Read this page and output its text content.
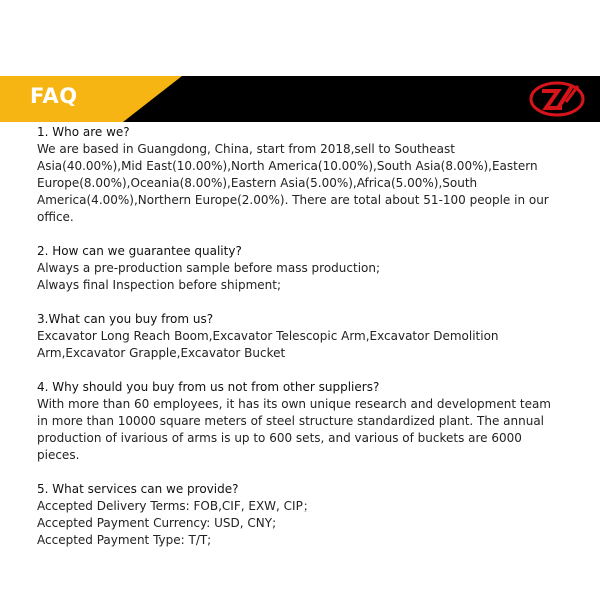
FAQ

1. Who are we?

We are based in Guangdong, China, start from 2018,sell to Southeast Asia(40.00%),Mid East(10.00%),North America(10.00%),South Asia(8.00%),Eastern Europe(8.00%),Oceania(8.00%),Eastern Asia(5.00%),Africa(5.00%),South America(4.00%),Northern Europe(2.00%). There are total about 51-100 people in our office.

2. How can we guarantee quality?

Always a pre-production sample before mass production;

Always final Inspection before shipment;

3.What can you buy from us?

Excavator Long Reach Boom,Excavator Telescopic Arm,Excavator Demolition Arm,Excavator Grapple,Excavator Bucket

4. Why should you buy from us not from other suppliers?

With more than 60 employees, it has its own unique research and development team in more than 10000 square meters of steel structure standardized plant. The annual production of ivarious of arms is up to 600 sets, and various of buckets are 6000 pieces.

5. What services can we provide?

Accepted Delivery Terms: FOB,CIF, EXW, CIP；

Accepted Payment Currency: USD, CNY;

Accepted Payment Type: T/T;
